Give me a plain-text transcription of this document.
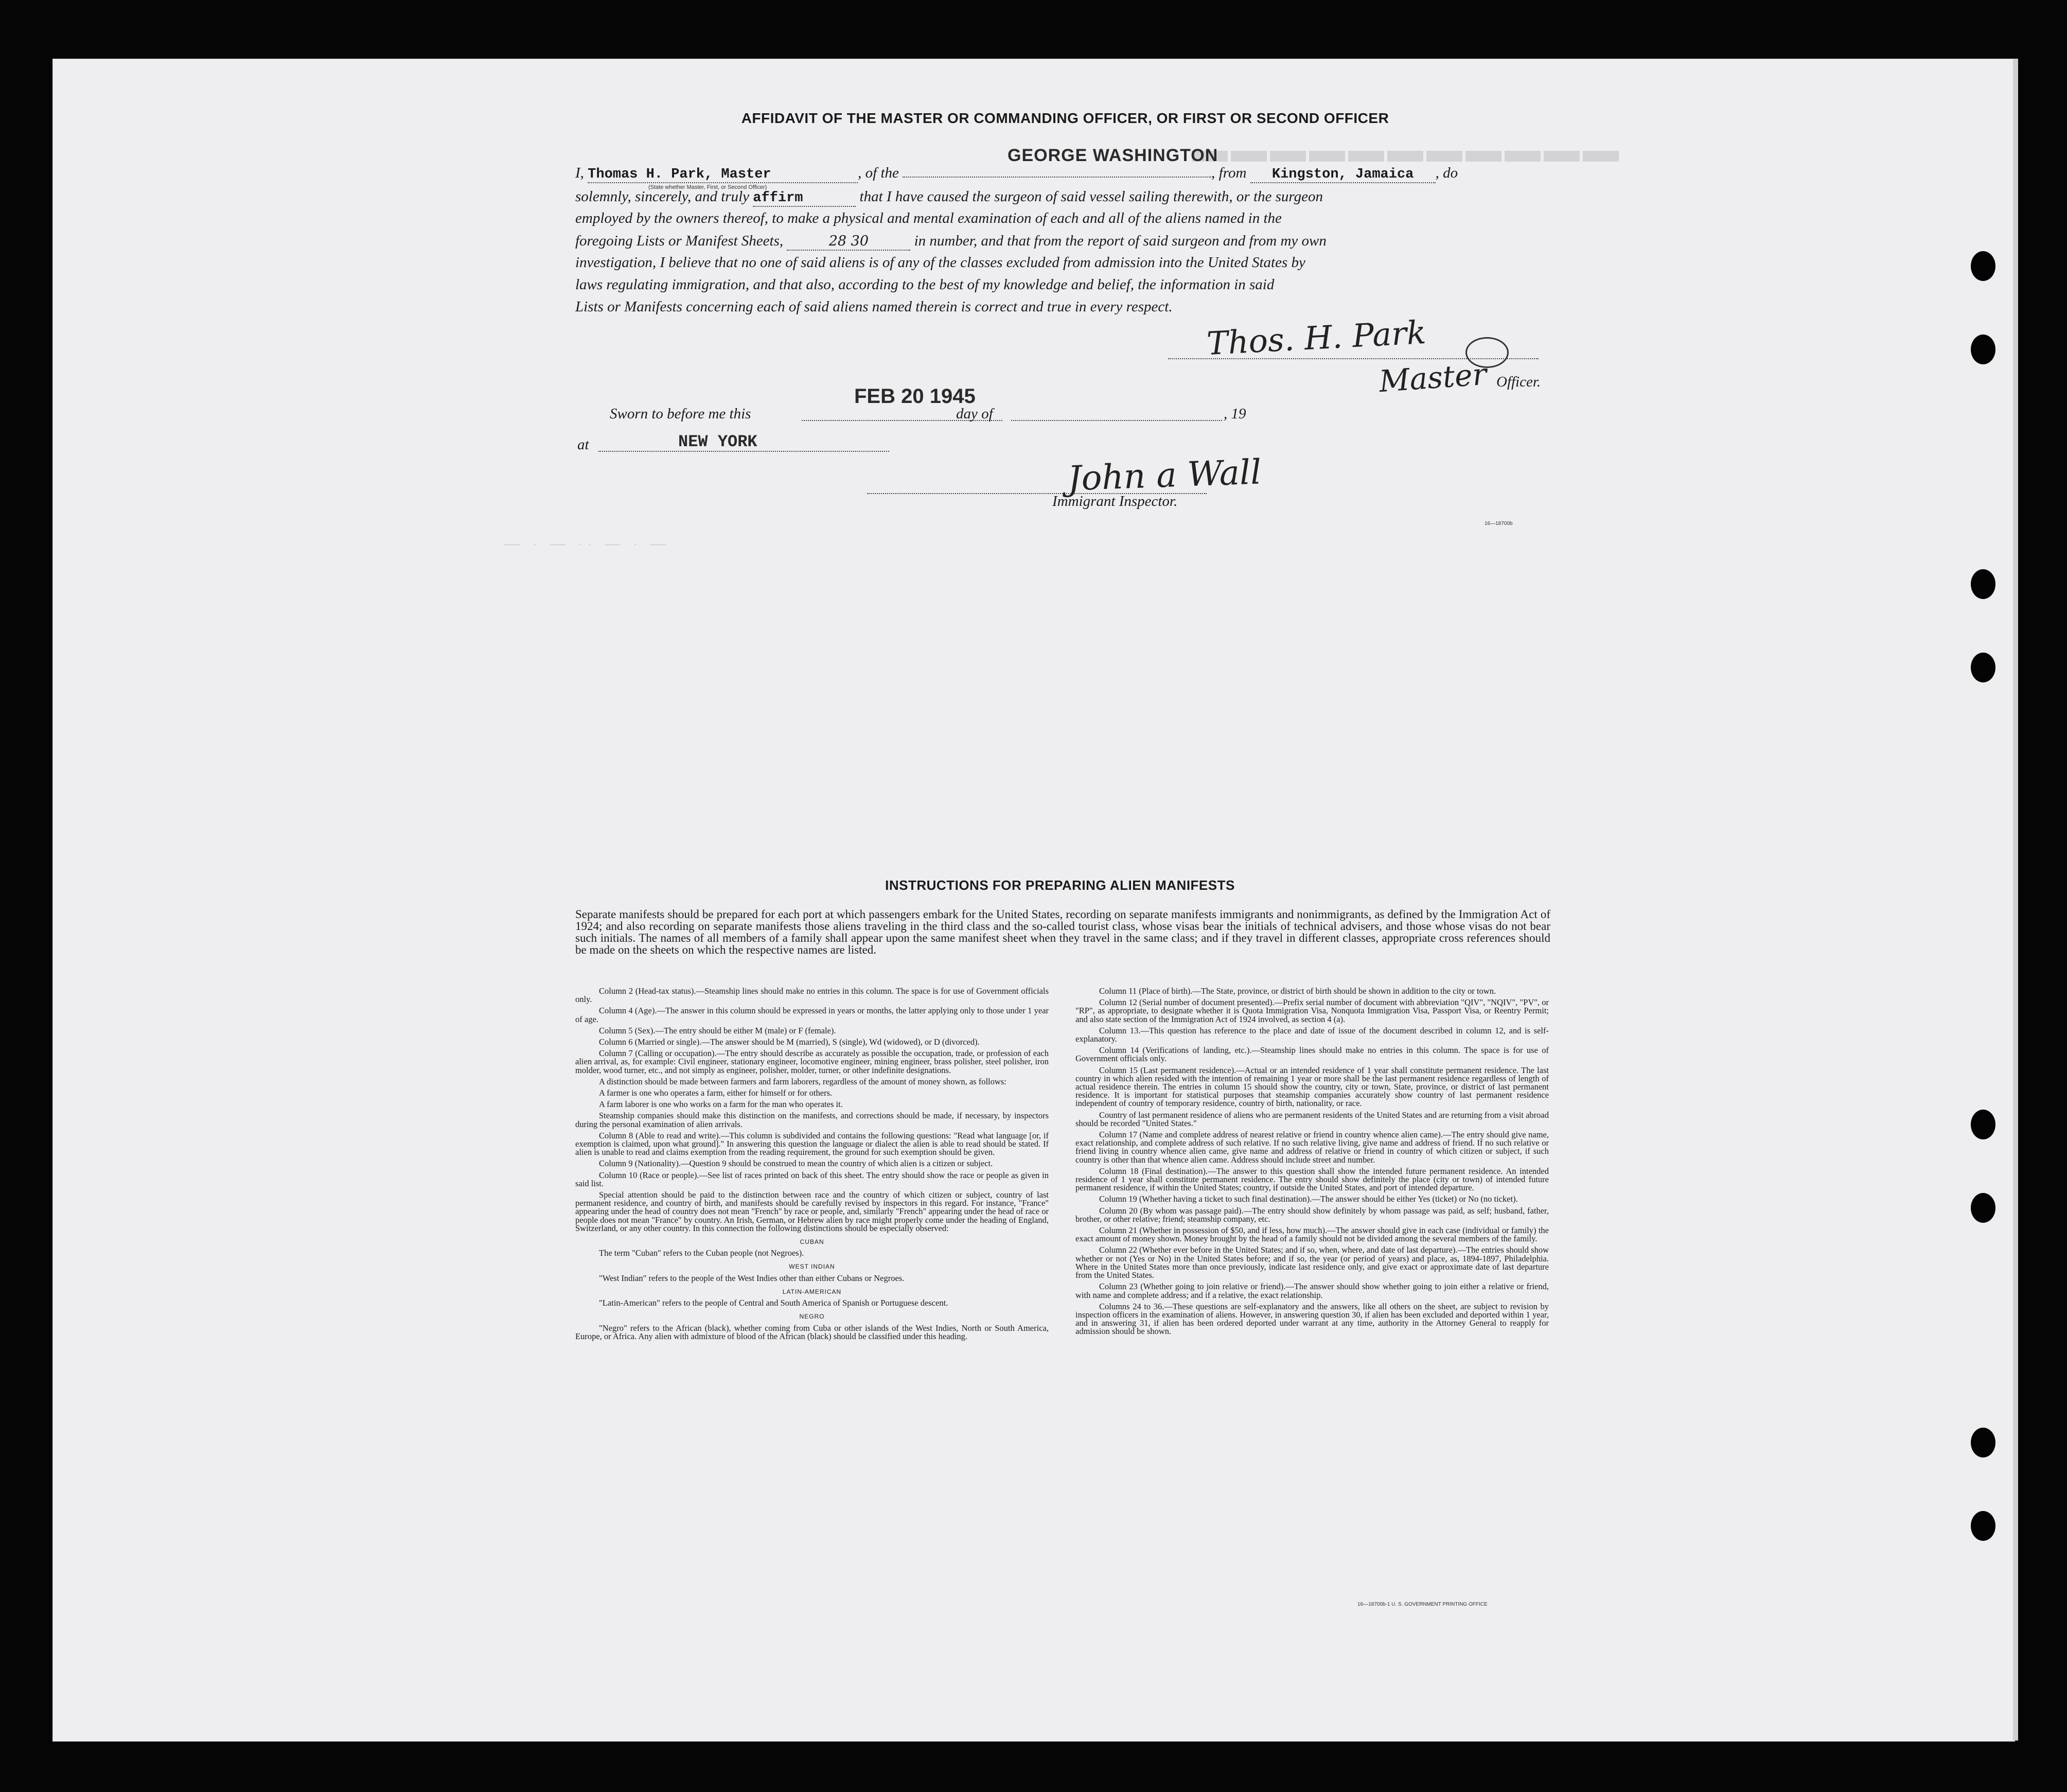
▬▬▬▬▬▬▬▬▬▬▬
— · — ·· — · —
AFFIDAVIT OF THE MASTER OR COMMANDING OFFICER, OR FIRST OR SECOND OFFICER
I, Thomas H. Park, Master	, of the	, from Kingston, Jamaica , do
GEORGE WASHINGTON
(State whether Master, First, or Second Officer)
solemnly, sincerely, and truly affirm	that I have caused the surgeon of said vessel sailing therewith, or the surgeon
employed by the owners thereof, to make a physical and mental examination of each and all of the aliens named in the
foregoing Lists or Manifest Sheets,	28 30	in number, and that from the report of said surgeon and from my own
investigation, I believe that no one of said aliens is of any of the classes excluded from admission into the United States by
laws regulating immigration, and that also, according to the best of my knowledge and belief, the information in said
Lists or Manifests concerning each of said aliens named therein is correct and true in every respect.
Thos. H. Park
Master Officer.
Sworn to before me this
FEB 20 1945
day of	, 19
at	NEW YORK
John a Wall
Immigrant Inspector.
16—18700b
INSTRUCTIONS FOR PREPARING ALIEN MANIFESTS
Separate manifests should be prepared for each port at which passengers embark for the United States, recording on separate manifests immigrants and nonimmigrants, as defined by the Immigration Act of 1924; and also recording on separate manifests those aliens traveling in the third class and the so-called tourist class, whose visas bear the initials of technical advisers, and those whose visas do not bear such initials. The names of all members of a family shall appear upon the same manifest sheet when they travel in the same class; and if they travel in different classes, appropriate cross references should be made on the sheets on which the respective names are listed.

Column 2 (Head-tax status).—Steamship lines should make no entries in this column. The space is for use of Government officials only.

Column 4 (Age).—The answer in this column should be expressed in years or months, the latter applying only to those under 1 year of age.

Column 5 (Sex).—The entry should be either M (male) or F (female).

Column 6 (Married or single).—The answer should be M (married), S (single), Wd (widowed), or D (divorced).

Column 7 (Calling or occupation).—The entry should describe as accurately as possible the occupation, trade, or profession of each alien arrival, as, for example: Civil engineer, stationary engineer, locomotive engineer, mining engineer, brass polisher, steel polisher, iron molder, wood turner, etc., and not simply as engineer, polisher, molder, turner, or other indefinite designations.

A distinction should be made between farmers and farm laborers, regardless of the amount of money shown, as follows:

A farmer is one who operates a farm, either for himself or for others.

A farm laborer is one who works on a farm for the man who operates it.

Steamship companies should make this distinction on the manifests, and corrections should be made, if necessary, by inspectors during the personal examination of alien arrivals.

Column 8 (Able to read and write).—This column is subdivided and contains the following questions: "Read what language [or, if exemption is claimed, upon what ground]." In answering this question the language or dialect the alien is able to read should be stated. If alien is unable to read and claims exemption from the reading requirement, the ground for such exemption should be given.

Column 9 (Nationality).—Question 9 should be construed to mean the country of which alien is a citizen or subject.

Column 10 (Race or people).—See list of races printed on back of this sheet. The entry should show the race or people as given in said list.

Special attention should be paid to the distinction between race and the country of which citizen or subject, country of last permanent residence, and country of birth, and manifests should be carefully revised by inspectors in this regard. For instance, "France" appearing under the head of country does not mean "French" by race or people, and, similarly "French" appearing under the head of race or people does not mean "France" by country. An Irish, German, or Hebrew alien by race might properly come under the heading of England, Switzerland, or any other country. In this connection the following distinctions should be especially observed:

CUBAN

The term "Cuban" refers to the Cuban people (not Negroes).

WEST INDIAN

"West Indian" refers to the people of the West Indies other than either Cubans or Negroes.

LATIN-AMERICAN

"Latin-American" refers to the people of Central and South America of Spanish or Portuguese descent.

NEGRO

"Negro" refers to the African (black), whether coming from Cuba or other islands of the West Indies, North or South America, Europe, or Africa. Any alien with admixture of blood of the African (black) should be classified under this heading.

Column 11 (Place of birth).—The State, province, or district of birth should be shown in addition to the city or town.

Column 12 (Serial number of document presented).—Prefix serial number of document with abbreviation "QIV", "NQIV", "PV", or "RP", as appropriate, to designate whether it is Quota Immigration Visa, Nonquota Immigration Visa, Passport Visa, or Reentry Permit; and also state section of the Immigration Act of 1924 involved, as section 4 (a).

Column 13.—This question has reference to the place and date of issue of the document described in column 12, and is self-explanatory.

Column 14 (Verifications of landing, etc.).—Steamship lines should make no entries in this column. The space is for use of Government officials only.

Column 15 (Last permanent residence).—Actual or an intended residence of 1 year shall constitute permanent residence. The last country in which alien resided with the intention of remaining 1 year or more shall be the last permanent residence regardless of length of actual residence therein. The entries in column 15 should show the country, city or town, State, province, or district of last permanent residence. It is important for statistical purposes that steamship companies accurately show country of last permanent residence independent of country of temporary residence, country of birth, nationality, or race.

Country of last permanent residence of aliens who are permanent residents of the United States and are returning from a visit abroad should be recorded "United States."

Column 17 (Name and complete address of nearest relative or friend in country whence alien came).—The entry should give name, exact relationship, and complete address of such relative. If no such relative living, give name and address of friend. If no such relative or friend living in country whence alien came, give name and address of relative or friend in country of which citizen or subject, if such country is other than that whence alien came. Address should include street and number.

Column 18 (Final destination).—The answer to this question shall show the intended future permanent residence. An intended residence of 1 year shall constitute permanent residence. The entry should show definitely the place (city or town) of intended future permanent residence, if within the United States; country, if outside the United States, and port of intended departure.

Column 19 (Whether having a ticket to such final destination).—The answer should be either Yes (ticket) or No (no ticket).

Column 20 (By whom was passage paid).—The entry should show definitely by whom passage was paid, as self; husband, father, brother, or other relative; friend; steamship company, etc.

Column 21 (Whether in possession of $50, and if less, how much).—The answer should give in each case (individual or family) the exact amount of money shown. Money brought by the head of a family should not be divided among the several members of the family.

Column 22 (Whether ever before in the United States; and if so, when, where, and date of last departure).—The entries should show whether or not (Yes or No) in the United States before; and if so, the year (or period of years) and place, as, 1894-1897, Philadelphia. Where in the United States more than once previously, indicate last residence only, and give exact or approximate date of last departure from the United States.

Column 23 (Whether going to join relative or friend).—The answer should show whether going to join either a relative or friend, with name and complete address; and if a relative, the exact relationship.

Columns 24 to 36.—These questions are self-explanatory and the answers, like all others on the sheet, are subject to revision by inspection officers in the examination of aliens. However, in answering question 30, if alien has been excluded and deported within 1 year, and in answering 31, if alien has been ordered deported under warrant at any time, authority in the Attorney General to reapply for admission should be shown.

16—18700b-1 U. S. GOVERNMENT PRINTING OFFICE
